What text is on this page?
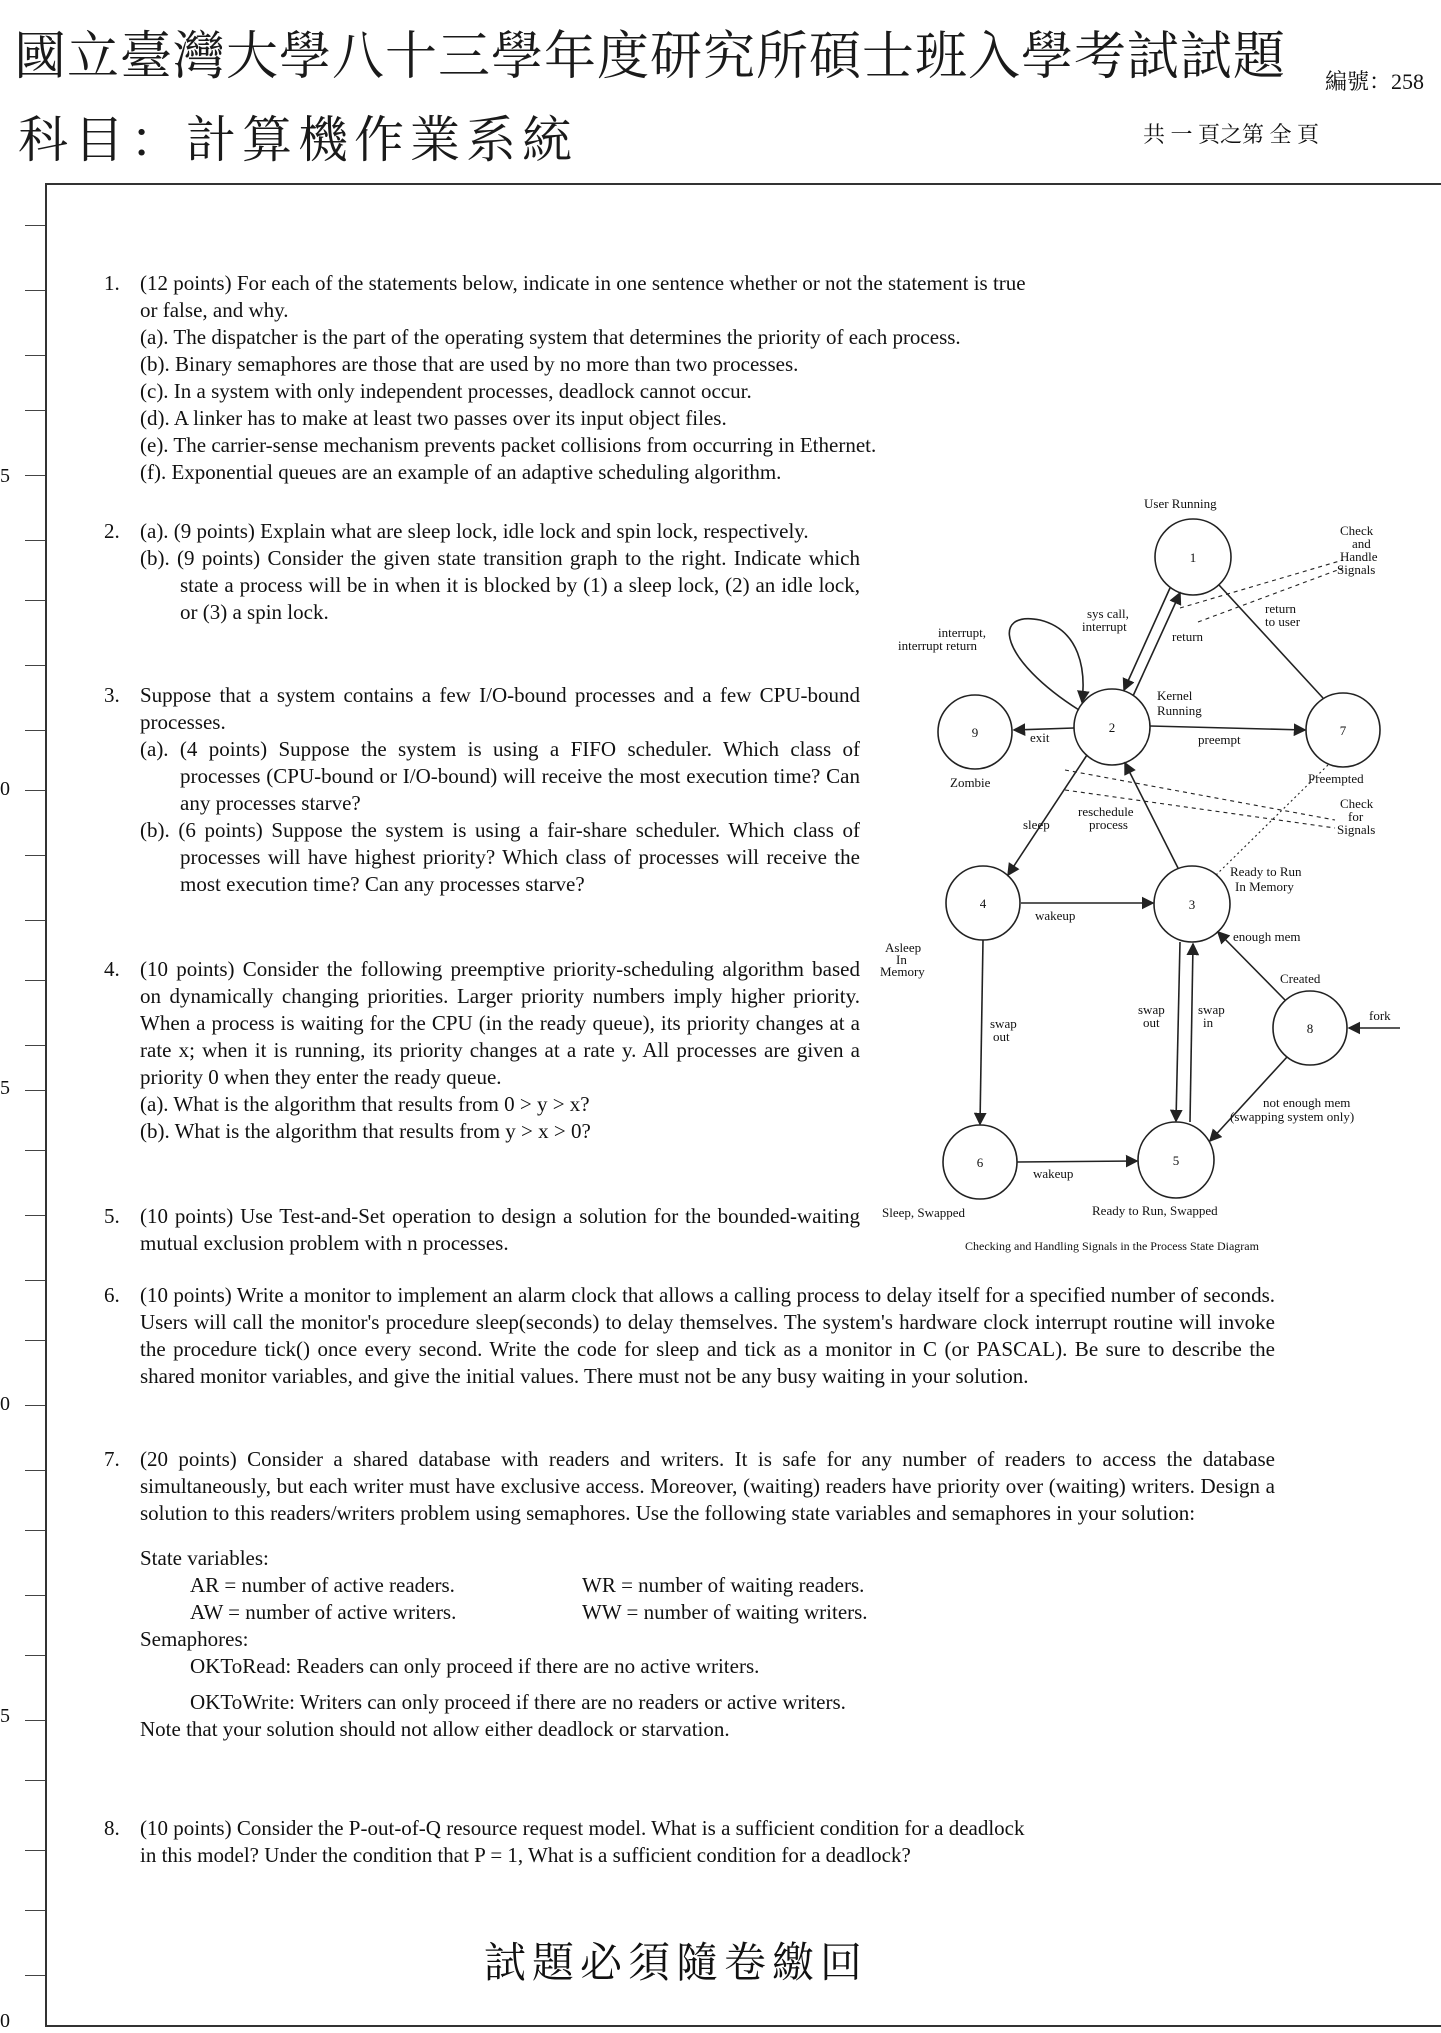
國立臺灣大學八十三學年度研究所碩士班入學考試試題 編號：258
科目：計算機作業系統	共 一 頁之第 全 頁
5
0
5
0
5
0
1. (12 points) For each of the statements below, indicate in one sentence whether or not the statement is true

or false, and why.

(a). The dispatcher is the part of the operating system that determines the priority of each process.

(b). Binary semaphores are those that are used by no more than two processes.

(c). In a system with only independent processes, deadlock cannot occur.

(d). A linker has to make at least two passes over its input object files.

(e). The carrier-sense mechanism prevents packet collisions from occurring in Ethernet.

(f). Exponential queues are an example of an adaptive scheduling algorithm.

2. (a). (9 points) Explain what are sleep lock, idle lock and spin lock, respectively.

(b). (9 points) Consider the given state transition graph to the right. Indicate which state a process will be in when it is blocked by (1) a sleep lock, (2) an idle lock, or (3) a spin lock.

3. Suppose that a system contains a few I/O-bound processes and a few CPU-bound processes.

(a). (4 points) Suppose the system is using a FIFO scheduler. Which class of processes (CPU-bound or I/O-bound) will receive the most execution time? Can any processes starve?

(b). (6 points) Suppose the system is using a fair-share scheduler. Which class of processes will have highest priority? Which class of processes will receive the most execution time? Can any processes starve?

4. (10 points) Consider the following preemptive priority-scheduling algorithm based on dynamically changing priorities. Larger priority numbers imply higher priority. When a process is waiting for the CPU (in the ready queue), its priority changes at a rate x; when it is running, its priority changes at a rate y. All processes are given a priority 0 when they enter the ready queue.

(a). What is the algorithm that results from 0 > y > x?

(b). What is the algorithm that results from y > x > 0?

5. (10 points) Use Test-and-Set operation to design a solution for the bounded-waiting mutual exclusion problem with n processes.

6. (10 points) Write a monitor to implement an alarm clock that allows a calling process to delay itself for a specified number of seconds. Users will call the monitor's procedure sleep(seconds) to delay themselves. The system's hardware clock interrupt routine will invoke the procedure tick() once every second. Write the code for sleep and tick as a monitor in C (or PASCAL). Be sure to describe the shared monitor variables, and give the initial values. There must not be any busy waiting in your solution.

7. (20 points) Consider a shared database with readers and writers. It is safe for any number of readers to access the database simultaneously, but each writer must have exclusive access. Moreover, (waiting) readers have priority over (waiting) writers. Design a solution to this readers/writers problem using semaphores. Use the following state variables and semaphores in your solution:

State variables:

AR = number of active readers.	WR = number of waiting readers.

AW = number of active writers.	WW = number of waiting writers.

Semaphores:

OKToRead: Readers can only proceed if there are no active writers.

OKToWrite: Writers can only proceed if there are no readers or active writers.

Note that your solution should not allow either deadlock or starvation.

8. (10 points) Consider the P-out-of-Q resource request model. What is a sufficient condition for a deadlock

in this model? Under the condition that P = 1, What is a sufficient condition for a deadlock?

1
2
9	7
4	3
8
6	5
User Running
Kernel
Running
Zombie	Preempted
Ready to Run
In Memory
Asleep
In
Memory	Created
Sleep, Swapped	Ready to Run, Swapped
Check
and
Handle
Signals
Check
for
Signals
return
to user
sys call,
interrupt
return
interrupt,
interrupt return
exit	preempt
reschedule
process
sleep
wakeup
wakeup
enough mem
swap
out
swap
out
swap
in	fork
not enough mem
(swapping system only)
Checking and Handling Signals in the Process State Diagram
試題必須隨卷繳回
